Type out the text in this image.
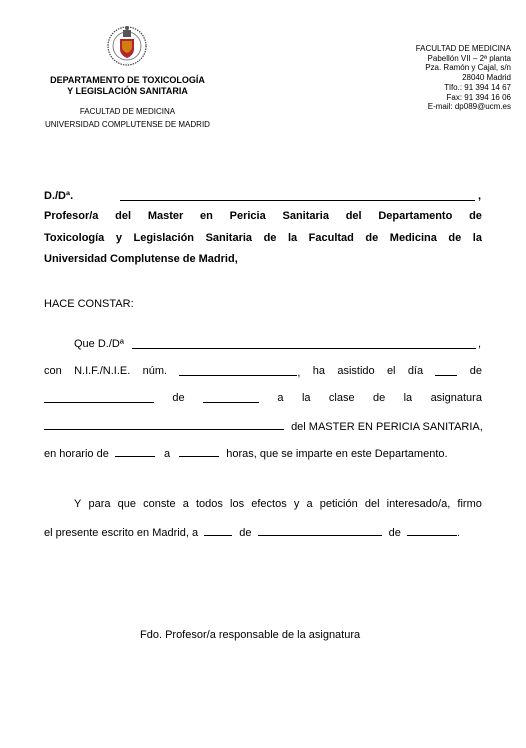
DEPARTAMENTO DE TOXICOLOGÍA
Y LEGISLACIÓN SANITARIA
FACULTAD DE MEDICINA
UNIVERSIDAD COMPLUTENSE DE MADRID
FACULTAD DE MEDICINA
Pabellón VII – 2ª planta
Pza. Ramón y Cajal, s/n
28040 Madrid
Tlfo.: 91 394 14 67
Fax: 91 394 16 06
E-mail: dp089@ucm.es
D./Dª.	,
Profesor/a del Master en Pericia Sanitaria del Departamento de
Toxicología y Legislación Sanitaria de la Facultad de Medicina de la
Universidad Complutense de Madrid,
HACE CONSTAR:
Que D./Dª	,
con N.I.F./N.I.E. núm.	, ha asistido el día	de
de	a la clase de la asignatura
del MASTER EN PERICIA SANITARIA,
en horario de	a	horas, que se imparte en este Departamento.
Y para que conste a todos los efectos y a petición del interesado/a, firmo
el presente escrito en Madrid, a	de	de	.
Fdo. Profesor/a responsable de la asignatura
